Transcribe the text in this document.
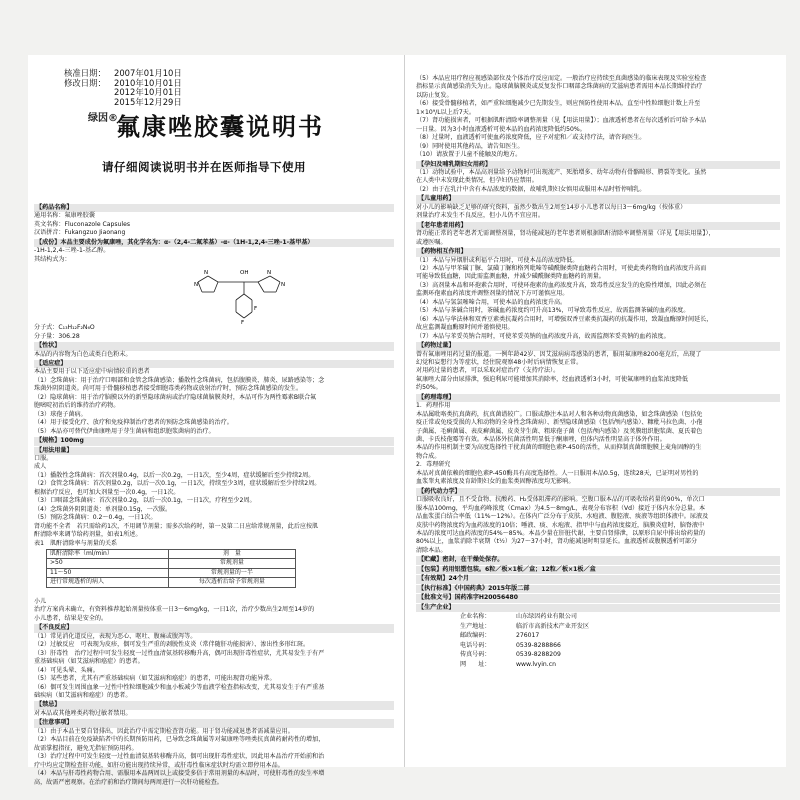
核准日期： 2007年01月10日
修改日期： 2010年10月01日
2012年10月01日
2015年12月29日
绿因®
氟康唑胶囊说明书
请仔细阅读说明书并在医师指导下使用
【药品名称】
通用名称：氟康唑胶囊
英文名称：Fluconazole Capsules
汉语拼音：Fukangzuo Jiaonang
【成份】本品主要成份为氟康唑，其化学名为：α-（2,4-二氟苯基）-α-（1H-1,2,4-三唑-1-基甲基）
-1H-1,2,4-三唑-1-基乙醇。
其结构式为：
OH
F
F
N
N
N
N
分子式：C₁₃H₁₂F₂N₆O
分子量：306.28
【性状】
本品的内容物为白色或类白色粉末。
【适应症】
本品主要用于以下适应症中病情较重的患者
（1）念珠菌病：用于治疗口咽部和食管念珠菌感染；播散性念珠菌病，包括腹膜炎、肺炎、尿路感染等；念
珠菌外阴阴道炎。尚可用于骨髓移植患者接受细胞毒类药物或放射治疗时，预防念珠菌感染的发生。
（2）隐球菌病：用于治疗脑膜以外的新型隐球菌病或治疗隐球菌脑膜炎时，本品可作为两性霉素B联合氟
胞嘧啶初治后的维持治疗药物。
（3）球孢子菌病。
（4）用于接受化疗、放疗和免疫抑制治疗患者的预防念珠菌感染的治疗。
（5）本品亦可替代伊曲康唑用于芽生菌病和组织胞浆菌病的治疗。
【规格】100mg
【用法用量】
口服。
成人
（1）播散性念珠菌病：首次剂量0.4g，以后一次0.2g，一日1次，至少4周，症状缓解后至少持续2周。
（2）食管念珠菌病：首次剂量0.2g，以后一次0.1g，一日1次，持续至少3周，症状缓解后至少持续2周。
根据治疗反应，也可加大剂量至一次0.4g，一日1次。
（3）口咽部念珠菌病：首次剂量0.2g，以后一次0.1g，一日1次，疗程至少2周。
（4）念珠菌外阴阴道炎：单剂量0.15g，一次服。
（5）预防念珠菌病：0.2～0.4g，一日1次。
肾功能不全者　若只需给药1次，不用调节剂量；需多次给药时，第一及第二日应给常规剂量，此后应按肌
酐清除率来调节给药剂量，如表1所述。
表1　肌酐清除率与剂量的关系
肌酐清除率（ml/min）	剂　量
>50	常规剂量
11～50	常规剂量的一半
进行常规透析的病人	每次透析后给予常规剂量

小儿
治疗方案尚未确立，有资料推荐起始剂量按体重一日3～6mg/kg，一日1次，治疗少数出生2周至14岁的
小儿患者，结果是安全的。
【不良反应】
（1）常见消化道反应，表现为恶心、呕吐、腹痛或腹泻等。
（2）过敏反应　可表现为皮疹，偶可发生严重的剥脱性皮炎（常伴随肝功能损害）、渗出性多形红斑。
（3）肝毒性　治疗过程中可发生轻度一过性血清氨基转移酶升高，偶可出现肝毒性症状，尤其易发生于有严
重基础疾病（如艾滋病和癌症）的患者。
（4）可见头晕、头痛。
（5）某些患者，尤其有严重基础疾病（如艾滋病和癌症）的患者，可能出现肾功能异常。
（6）偶可发生周围血象一过性中性粒细胞减少和血小板减少等血液学检查指标改变，尤其易发生于有严重基
础疾病（如艾滋病和癌症）的患者。
【禁忌】
对本品或其他唑类药物过敏者禁用。
【注意事项】
（1）由于本品主要自肾排出，因此治疗中需定期检查肾功能。用于肾功能减退患者需减量应用。
（2）本品目前在免疫缺陷者中的长期预防用药，已导致念珠菌属等对氟康唑等唑类抗真菌药耐药性的增加，
故需掌握指征，避免无指征预防用药。
（3）治疗过程中可发生轻度一过性血清氨基转移酶升高，偶可出现肝毒性症状，因此用本品治疗开始前和治
疗中均应定期检查肝功能，如肝功能出现持续异常，或肝毒性临床症状时均需立即停用本品。
（4）本品与肝毒性药物合用、需服用本品两周以上或接受多倍于常用剂量的本品时，可使肝毒性的发生率增
高，故需严密观察。在治疗前和治疗期间每两周进行一次肝功能检查。
（5）本品应用疗程应视感染部位及个体治疗反应而定。一般治疗应持续至真菌感染的临床表现及实验室检查
指标显示真菌感染消失为止。隐球菌脑膜炎或反复发作口咽部念珠菌病的艾滋病患者需用本品长期维持治疗
以防止复发。
（6）接受骨髓移植者，如严重粒细胞减少已先期发生，则应预防性使用本品，直至中性粒细胞计数上升至
1×10⁹/L以上后7天。
（7）肾功能损害者，可根据肌酐清除率调整剂量（见【用法用量】）；血液透析患者在每次透析后可给予本品
一日量。因为3小时血液透析可使本品的血药浓度降低约50%。
（8）过量时，血液透析可使血药浓度降低，应予对症和／或支持疗法，请咨询医生。
（9）同时使用其他药品，请告知医生。
（10）请放置于儿童不能触及的地方。
【孕妇及哺乳期妇女用药】
（1）动物试验中，本品高剂量给予动物时可出现流产、死胎增多、幼年动物有骨骼畸形、腭裂等变化。虽然
在人类中未发现此类情况，但孕妇仍应禁用。
（2）由于在乳汁中含有本品浓度的数据，故哺乳期妇女慎用或服用本品时暂停哺乳。
【儿童用药】
对小儿的影响缺乏足够的研究资料，虽然少数出生2周至14岁小儿患者以每日3～6mg/kg（按体重）
剂量治疗未发生不良反应，但小儿仍不宜应用。
【老年患者用药】
肾功能正常的老年患者无需调整剂量，肾功能减退的老年患者则根据肌酐清除率调整剂量（详见【用法用量】），
或遵医嘱。
【药物相互作用】
（1）本品与异烟肼或利福平合用时，可使本品的浓度降低。
（2）本品与甲苯磺丁脲、氯磺丁脲和格列吡嗪等磺酰脲类降血糖药合用时，可使此类药物的血药浓度升高而
可能导致低血糖，因此需监测血糖，并减少磺酰脲类降血糖药的剂量。
（3）高剂量本品和环孢素合用时，可使环孢素的血药浓度升高，致毒性反应发生的危险性增加，因此必须在
监测环孢素血药浓度并调整剂量的情况下方可谨慎应用。
（4）本品与氢氯噻嗪合用，可使本品的血药浓度升高。
（5）本品与茶碱合用时，茶碱血药浓度约可升高13%，可导致毒性反应，故需监测茶碱的血药浓度。
（6）本品与华法林和双香豆素类抗凝药合用时，可增强双香豆素类抗凝药的抗凝作用，致凝血酶原时间延长，
故应监测凝血酶原时间并谨慎使用。
（7）本品与苯妥英钠合用时，可使苯妥英钠的血药浓度升高，故需监测苯妥英钠的血药浓度。
【药物过量】
曾有氟康唑用药过量的报道。一例年龄42岁、因艾滋病病毒感染的患者，服用氟康唑8200毫克后，出现了
幻觉和妄想行为等症状，经住院观察48小时后病情恢复正常。
对用药过量的患者，可以采取对症治疗（支持疗法）。
氟康唑大部分由尿排泄，强迫利尿可能增加其消除率，经血液透析3小时，可使氟康唑的血浆浓度降低
约50%。
【药理毒理】
1．药理作用
本品属吡咯类抗真菌药，抗真菌谱较广。口服或静注本品对人和各种动物真菌感染，如念珠菌感染（包括免
疫正常或免疫受损的人和动物的全身性念珠菌病）、新型隐球菌感染（包括颅内感染）、糠秕马拉色菌、小孢
子菌属、毛癣菌属、表皮癣菌属、皮炎芽生菌、粗球孢子菌（包括颅内感染）及荚膜组织胞浆菌、夏氏着色
菌、卡氏枝孢霉等有效。本品体外抗菌活性明显低于酮康唑，但体内活性明显高于体外作用。
本品的作用机制主要为高度选择性干扰真菌的细胞色素P-450的活性，从而抑制真菌细胞膜上麦角固醇的生
物合成。
2．毒理研究
本品对真菌依赖的细胞色素P-450酶具有高度选择性。人一日服用本品0.5g，连续28天，已证明对男性的
血浆睾丸素浓度及育龄期妇女的血浆类固醇浓度均无影响。
【药代动力学】
口服吸收良好，且不受食物、抗酸药、H₂受体阻滞药的影响。空腹口服本品的可吸收给药量的90%，单次口
服本品100mg，平均血药峰浓度（Cmax）为4.5～8mg/L，表观分布容积（Vd）接近于体内水分总量。本
品血浆蛋白结合率低（11%～12%）。在体内广泛分布于皮肤、水疱液、腹腔液、痰液等组织体液中。尿液及
皮肤中药物浓度约为血药浓度的10倍；唾液、痰、水疱液、指甲中与血药浓度接近，脑膜炎症时，脑脊液中
本品的浓度可达血药浓度的54%～85%。本品少量在肝脏代谢，主要自肾排泄，以原形自尿中排出给药量的
80%以上，血浆消除半衰期（t½）为27～37小时，肾功能减退时明显延长。血液透析或腹膜透析可部分
清除本品。
【贮藏】密封，在干燥处保存。
【包装】药用铝塑包装。6粒／板×1板／盒；12粒／板×1板／盒
【有效期】24个月
【执行标准】《中国药典》2015年版二部
【批准文号】国药准字H20056480
【生产企业】
企业名称：	山东绿因药业有限公司
生产地址：	临沂市高新技术产业开发区
邮政编码：	276017
电话号码：	0539-8288866
传真号码：	0539-8288209
网　　址：	www.lvyin.cn
